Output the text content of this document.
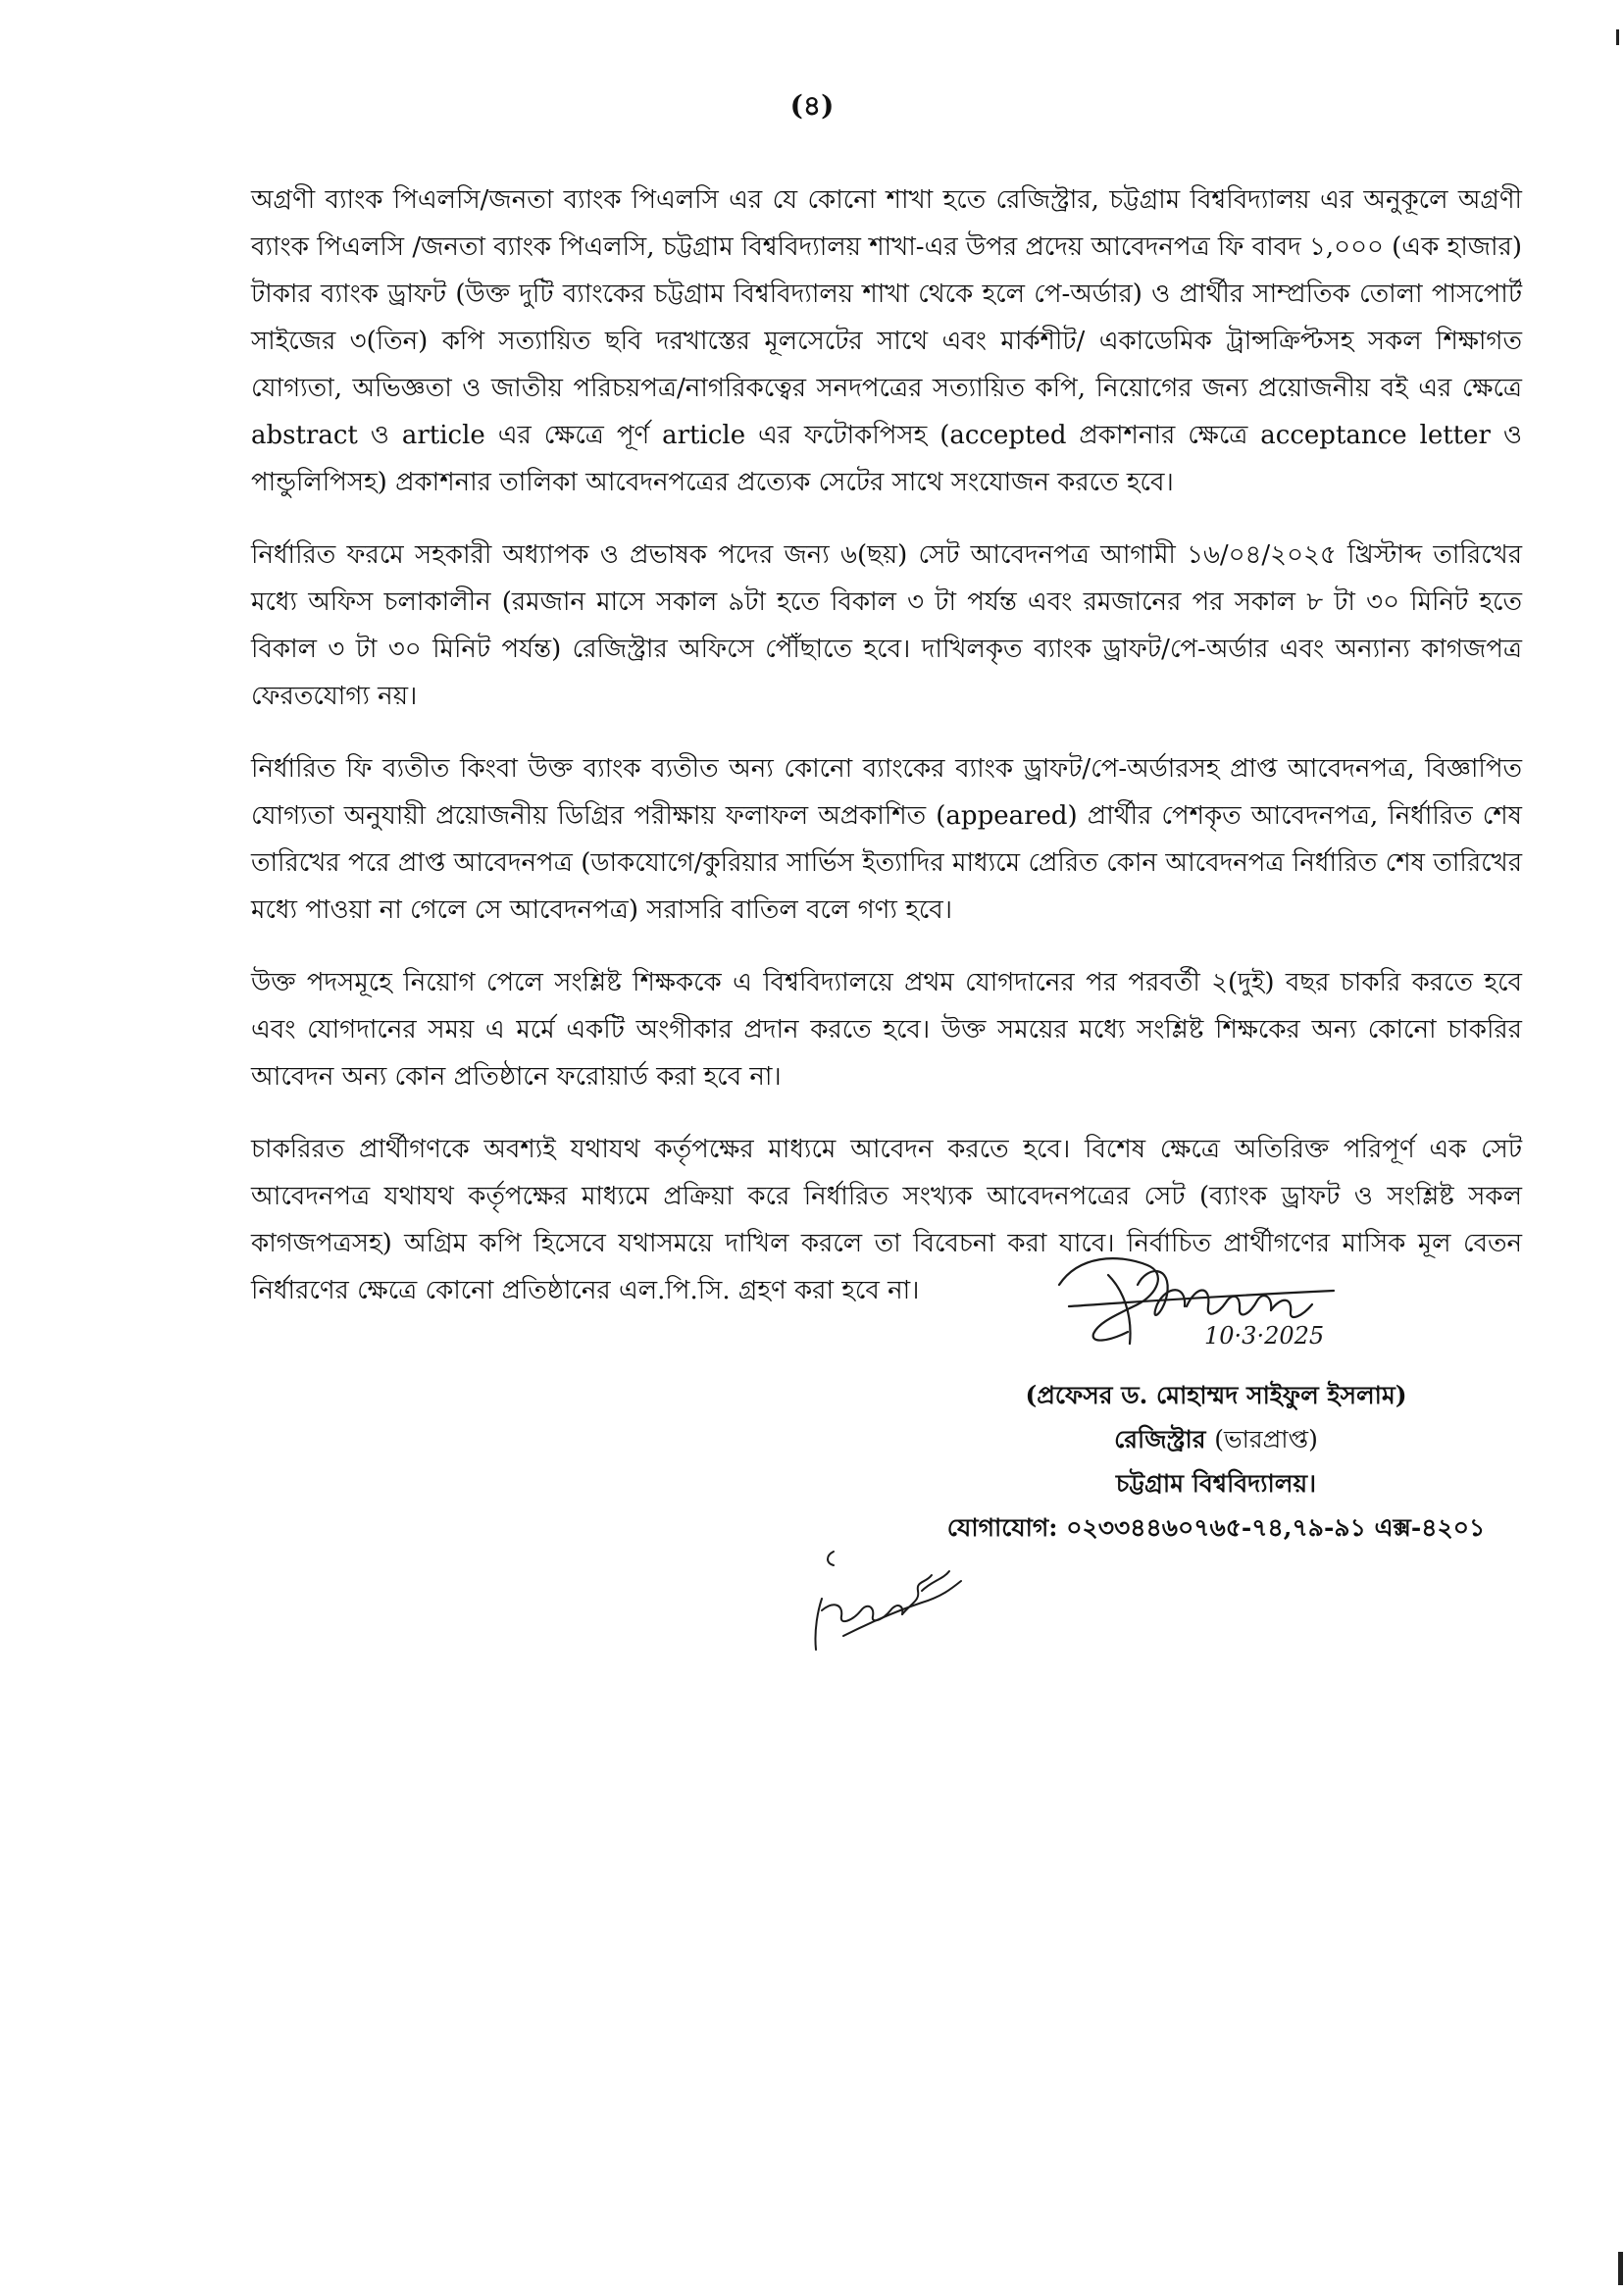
(৪)

অগ্রণী ব্যাংক পিএলসি/জনতা ব্যাংক পিএলসি এর যে কোনো শাখা হতে রেজিস্ট্রার, চট্টগ্রাম বিশ্ববিদ্যালয় এর অনুকূলে অগ্রণী ব্যাংক পিএলসি /জনতা ব্যাংক পিএলসি, চট্টগ্রাম বিশ্ববিদ্যালয় শাখা-এর উপর প্রদেয় আবেদনপত্র ফি বাবদ ১,০০০ (এক হাজার) টাকার ব্যাংক ড্রাফট (উক্ত দুটি ব্যাংকের চট্টগ্রাম বিশ্ববিদ্যালয় শাখা থেকে হলে পে-অর্ডার) ও প্রার্থীর সাম্প্রতিক তোলা পাসপোর্ট সাইজের ৩(তিন) কপি সত্যায়িত ছবি দরখাস্তের মূলসেটের সাথে এবং মার্কশীট/ একাডেমিক ট্রান্সক্রিপ্টসহ সকল শিক্ষাগত যোগ্যতা, অভিজ্ঞতা ও জাতীয় পরিচয়পত্র/নাগরিকত্বের সনদপত্রের সত্যায়িত কপি, নিয়োগের জন্য প্রয়োজনীয় বই এর ক্ষেত্রে abstract ও article এর ক্ষেত্রে পূর্ণ article এর ফটোকপিসহ (accepted প্রকাশনার ক্ষেত্রে acceptance letter ও পান্ডুলিপিসহ) প্রকাশনার তালিকা আবেদনপত্রের প্রত্যেক সেটের সাথে সংযোজন করতে হবে।

নির্ধারিত ফরমে সহকারী অধ্যাপক ও প্রভাষক পদের জন্য ৬(ছয়) সেট আবেদনপত্র আগামী ১৬/০৪/২০২৫ খ্রিস্টাব্দ তারিখের মধ্যে অফিস চলাকালীন (রমজান মাসে সকাল ৯টা হতে বিকাল ৩ টা পর্যন্ত এবং রমজানের পর সকাল ৮ টা ৩০ মিনিট হতে বিকাল ৩ টা ৩০ মিনিট পর্যন্ত) রেজিস্ট্রার অফিসে পৌঁছাতে হবে। দাখিলকৃত ব্যাংক ড্রাফট/পে-অর্ডার এবং অন্যান্য কাগজপত্র ফেরতযোগ্য নয়।

নির্ধারিত ফি ব্যতীত কিংবা উক্ত ব্যাংক ব্যতীত অন্য কোনো ব্যাংকের ব্যাংক ড্রাফট/পে-অর্ডারসহ প্রাপ্ত আবেদনপত্র, বিজ্ঞাপিত যোগ্যতা অনুযায়ী প্রয়োজনীয় ডিগ্রির পরীক্ষায় ফলাফল অপ্রকাশিত (appeared) প্রার্থীর পেশকৃত আবেদনপত্র, নির্ধারিত শেষ তারিখের পরে প্রাপ্ত আবেদনপত্র (ডাকযোগে/কুরিয়ার সার্ভিস ইত্যাদির মাধ্যমে প্রেরিত কোন আবেদনপত্র নির্ধারিত শেষ তারিখের মধ্যে পাওয়া না গেলে সে আবেদনপত্র) সরাসরি বাতিল বলে গণ্য হবে।

উক্ত পদসমূহে নিয়োগ পেলে সংশ্লিষ্ট শিক্ষককে এ বিশ্ববিদ্যালয়ে প্রথম যোগদানের পর পরবর্তী ২(দুই) বছর চাকরি করতে হবে এবং যোগদানের সময় এ মর্মে একটি অংগীকার প্রদান করতে হবে। উক্ত সময়ের মধ্যে সংশ্লিষ্ট শিক্ষকের অন্য কোনো চাকরির আবেদন অন্য কোন প্রতিষ্ঠানে ফরোয়ার্ড করা হবে না।

চাকরিরত প্রার্থীগণকে অবশ্যই যথাযথ কর্তৃপক্ষের মাধ্যমে আবেদন করতে হবে। বিশেষ ক্ষেত্রে অতিরিক্ত পরিপূর্ণ এক সেট আবেদনপত্র যথাযথ কর্তৃপক্ষের মাধ্যমে প্রক্রিয়া করে নির্ধারিত সংখ্যক আবেদনপত্রের সেট (ব্যাংক ড্রাফট ও সংশ্লিষ্ট সকল কাগজপত্রসহ) অগ্রিম কপি হিসেবে যথাসময়ে দাখিল করলে তা বিবেচনা করা যাবে। নির্বাচিত প্রার্থীগণের মাসিক মূল বেতন নির্ধারণের ক্ষেত্রে কোনো প্রতিষ্ঠানের এল.পি.সি. গ্রহণ করা হবে না।

10·3·2025
(প্রফেসর ড. মোহাম্মদ সাইফুল ইসলাম)
রেজিস্ট্রার (ভারপ্রাপ্ত)
চট্টগ্রাম বিশ্ববিদ্যালয়।
যোগাযোগ: ০২৩৩৪৪৬০৭৬৫-৭৪,৭৯-৯১ এক্স-৪২০১
